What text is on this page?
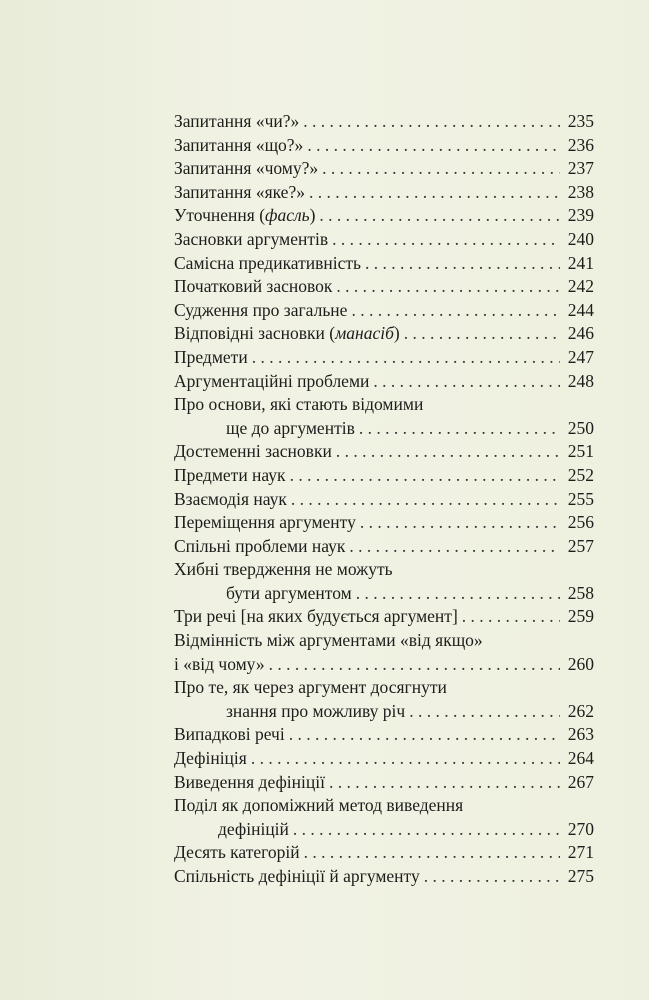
Запитання «чи?» . . .	235
Запитання «що?» . . .	236
Запитання «чому?» . . .	237
Запитання «яке?» . . .	238
Уточнення (фасль) . . .	239
Засновки аргументів . . .	240
Самісна предикативність . . .	241
Початковий засновок . . .	242
Судження про загальне . . .	244
Відповідні засновки (манасіб) . . .	246
Предмети . . .	247
Аргументаційні проблеми . . .	248
Про основи, які стають відомими
ще до аргументів . . .	250
Достеменні засновки . . .	251
Предмети наук . . .	252
Взаємодія наук . . .	255
Переміщення аргументу . . .	256
Спільні проблеми наук . . .	257
Хибні твердження не можуть
бути аргументом . . .	258
Три речі [на яких будується аргумент] . . .	259
Відмінність між аргументами «від якщо»
і «від чому» . . .	260
Про те, як через аргумент досягнути
знання про можливу річ . . .	262
Випадкові речі . . .	263
Дефініція . . .	264
Виведення дефініції . . .	267
Поділ як допоміжний метод виведення
дефініцій . . .	270
Десять категорій . . .	271
Спільність дефініції й аргументу . . .	275
